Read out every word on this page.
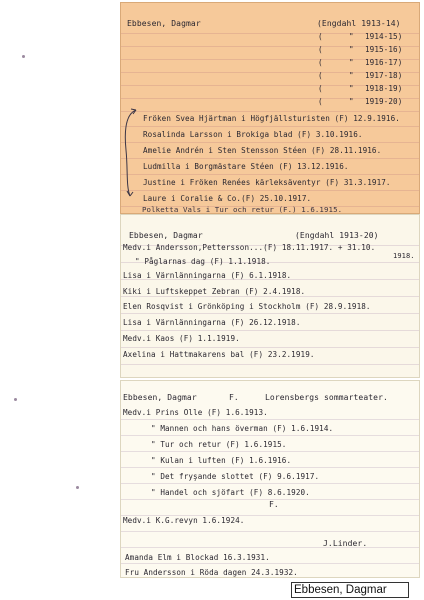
Ebbesen, Dagmar	(Engdahl 1913-14)
(	" 1914-15)
(	" 1915-16)
(	" 1916-17)
(	" 1917-18)
(	" 1918-19)
(	" 1919-20)
Fröken Svea Hjärtman i Högfjällsturisten (F) 12.9.1916.
Rosalinda Larsson i Brokiga blad (F) 3.10.1916.
Amelie Andrén i Sten Stensson Stéen (F) 28.11.1916.
Ludmilla i Borgmästare Stéen (F) 13.12.1916.
Justine i Fröken Renées kärleksäventyr (F) 31.3.1917.
Laure i Coralie & Co.(F) 25.10.1917.
Polketta Vals i Tur och retur (F.) 1.6.1915.
Ebbesen, Dagmar	(Engdahl 1913-20)
Medv.i Andersson,Pettersson...(F) 18.11.1917. + 31.10.
1918.
" Påglarnas dag (F) 1.1.1918.
Lisa i Värnlänningarna (F) 6.1.1918.
Kiki i Luftskeppet Zebran (F) 2.4.1918.
Elen Rosqvist i Grönköping i Stockholm (F) 28.9.1918.
Lisa i Värnlänningarna (F) 26.12.1918.
Medv.i Kaos (F) 1.1.1919.
Axelina i Hattmakarens bal (F) 23.2.1919.
Ebbesen, Dagmar	F.	Lorensbergs sommarteater.
Medv.i Prins Olle (F) 1.6.1913.
" Mannen och hans överman (F) 1.6.1914.
" Tur och retur (F) 1.6.1915.
" Kulan i luften (F) 1.6.1916.
" Det fryşande slottet (F) 9.6.1917.
" Handel och sjöfart (F) 8.6.1920.
F.
Medv.i K.G.revyn 1.6.1924.
J.Linder.
Amanda Elm i Blockad 16.3.1931.
Fru Andersson i Röda dagen 24.3.1932.
Ebbesen, Dagmar
